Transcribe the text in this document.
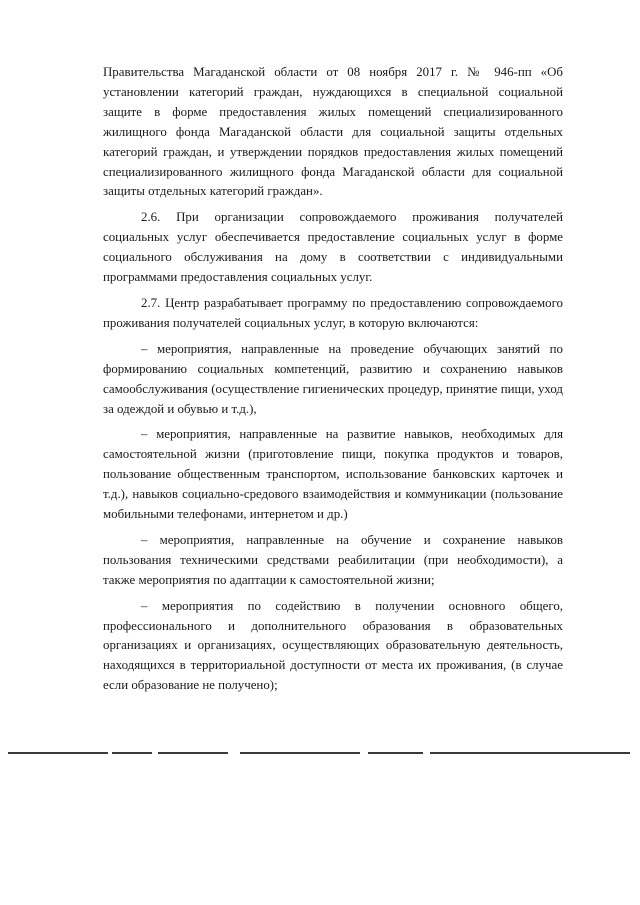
Правительства Магаданской области от 08 ноября 2017 г. № 946-пп «Об установлении категорий граждан, нуждающихся в специальной социальной защите в форме предоставления жилых помещений специализированного жилищного фонда Магаданской области для социальной защиты отдельных категорий граждан, и утверждении порядков предоставления жилых помещений специализированного жилищного фонда Магаданской области для социальной защиты отдельных категорий граждан».

2.6. При организации сопровождаемого проживания получателей социальных услуг обеспечивается предоставление социальных услуг в форме социального обслуживания на дому в соответствии с индивидуальными программами предоставления социальных услуг.

2.7. Центр разрабатывает программу по предоставлению сопровождаемого проживания получателей социальных услуг, в которую включаются:

– мероприятия, направленные на проведение обучающих занятий по формированию социальных компетенций, развитию и сохранению навыков самообслуживания (осуществление гигиенических процедур, принятие пищи, уход за одеждой и обувью и т.д.),

– мероприятия, направленные на развитие навыков, необходимых для самостоятельной жизни (приготовление пищи, покупка продуктов и товаров, пользование общественным транспортом, использование банковских карточек и т.д.), навыков социально-средового взаимодействия и коммуникации (пользование мобильными телефонами, интернетом и др.)

– мероприятия, направленные на обучение и сохранение навыков пользования техническими средствами реабилитации (при необходимости), а также мероприятия по адаптации к самостоятельной жизни;

– мероприятия по содействию в получении основного общего, профессионального и дополнительного образования в образовательных организациях и организациях, осуществляющих образовательную деятельность, находящихся в территориальной доступности от места их проживания, (в случае если образование не получено);
